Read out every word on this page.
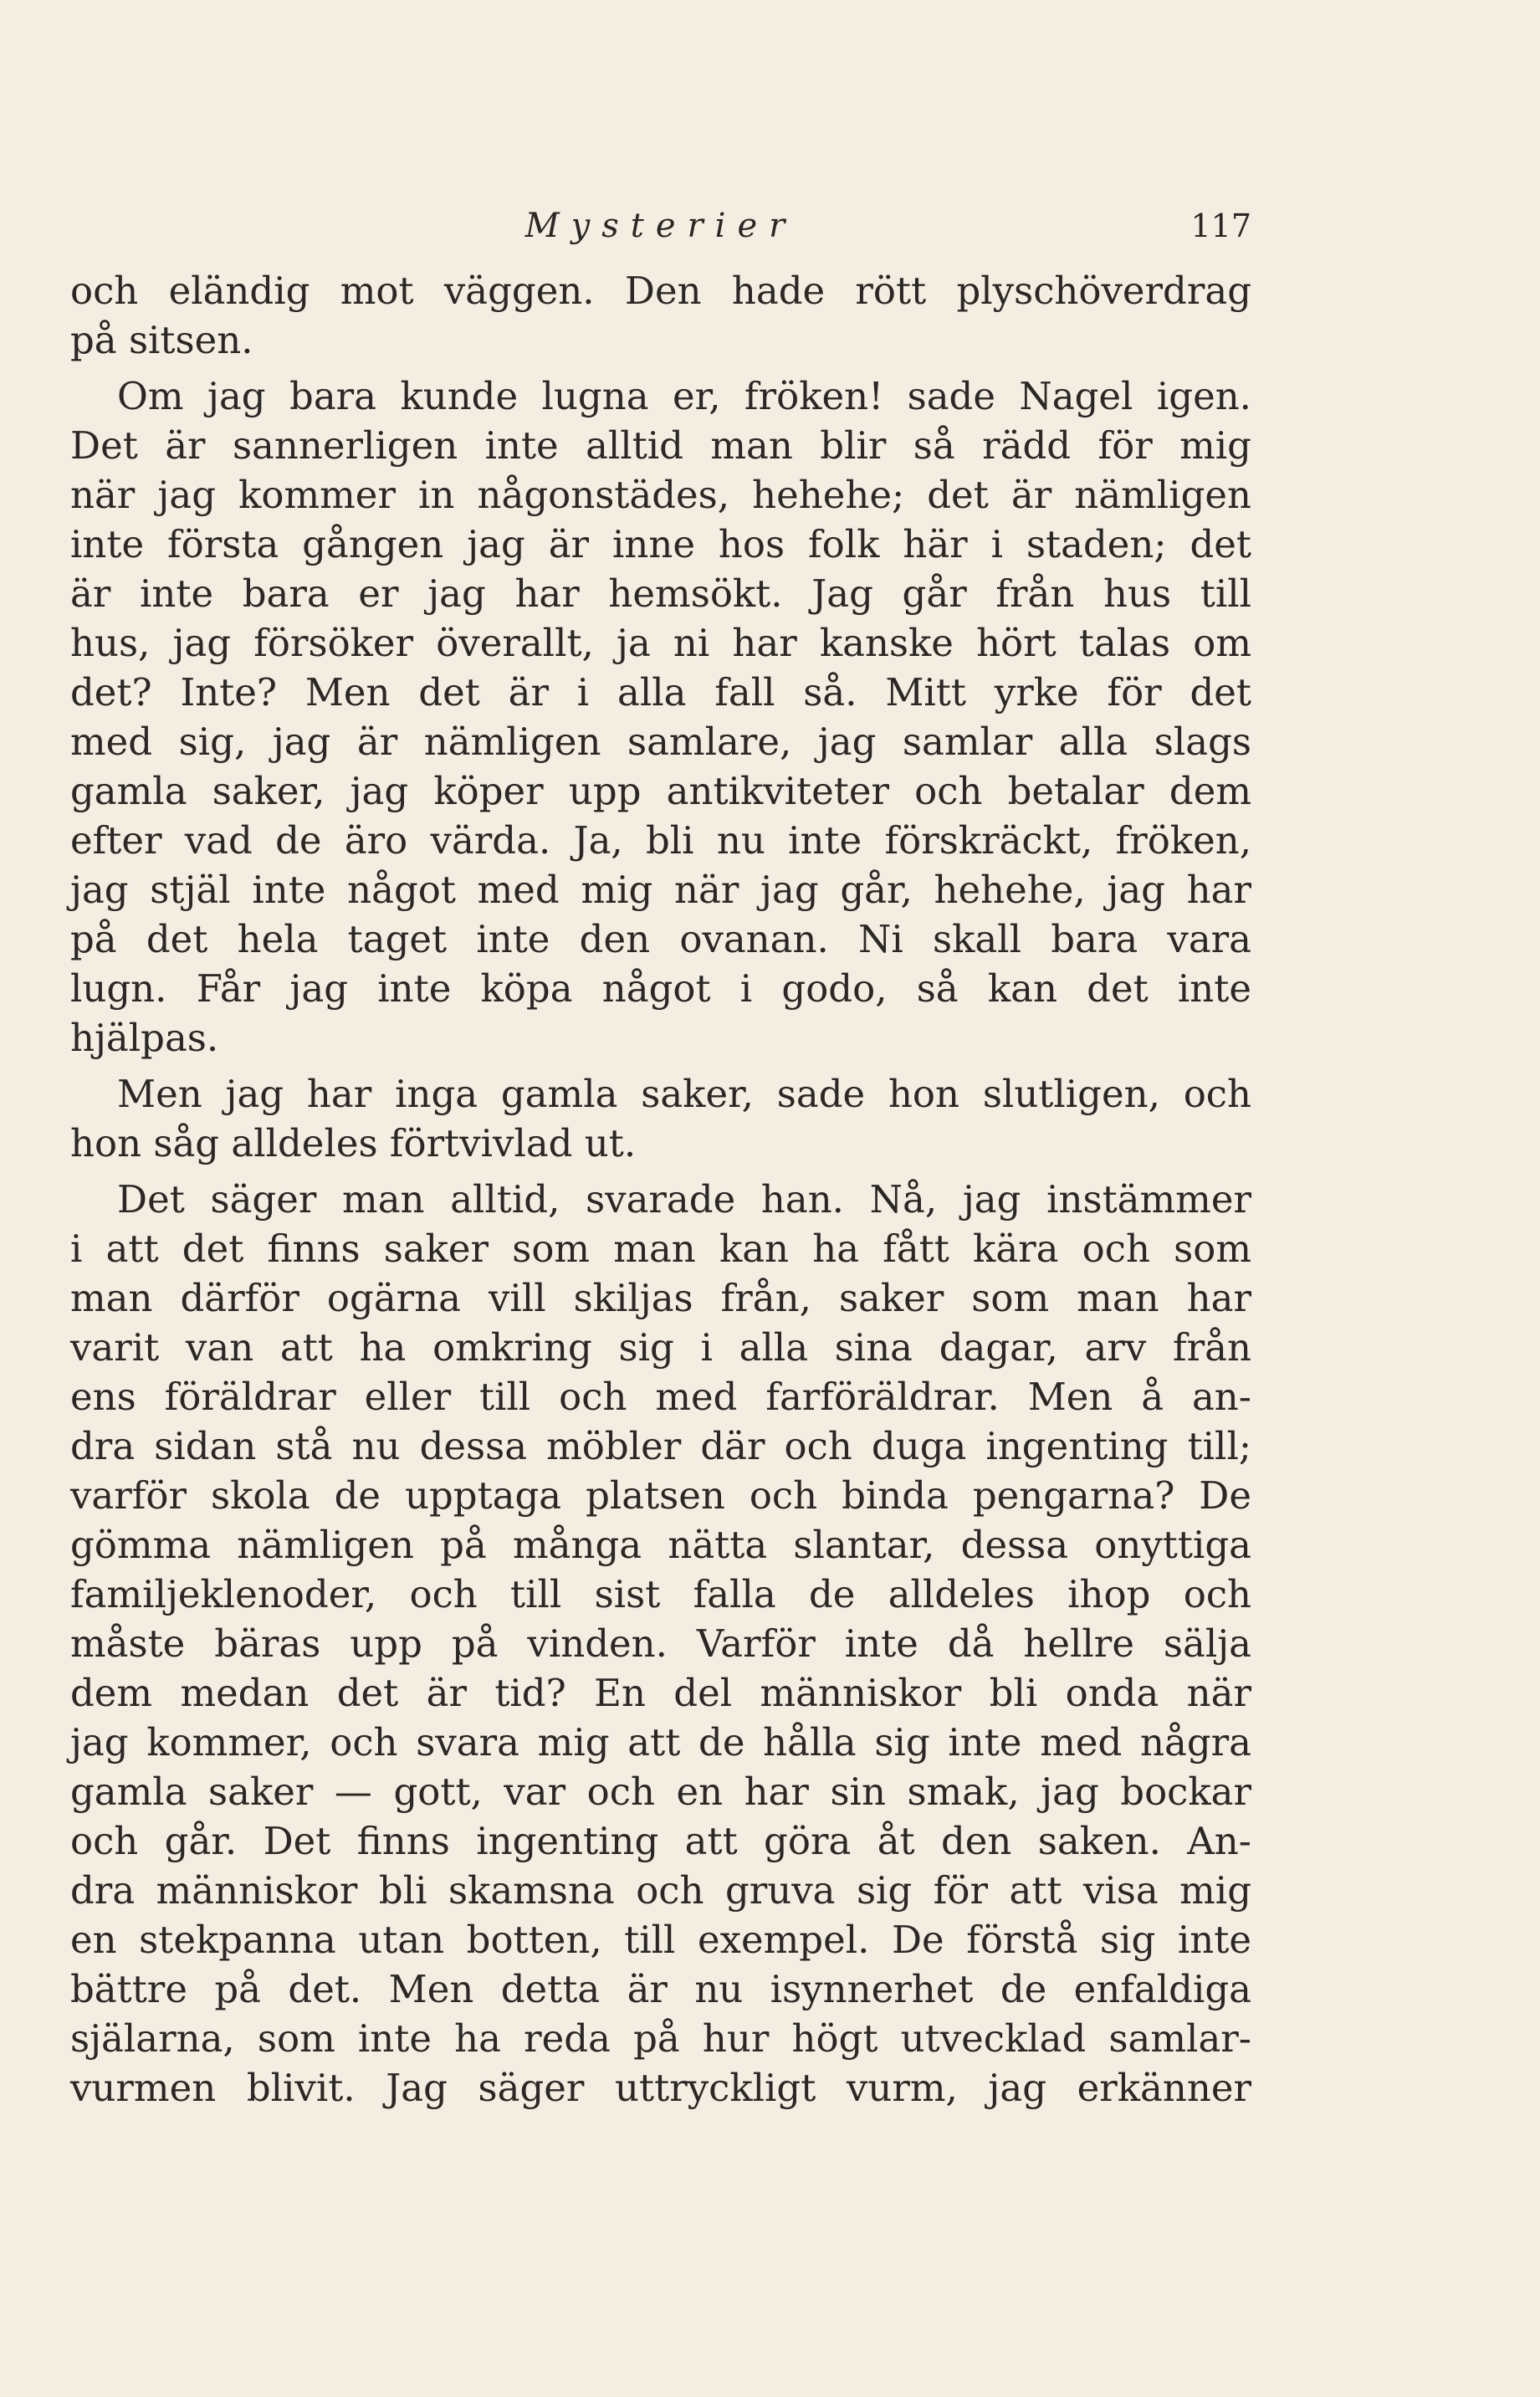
Mysterier	117
och eländig mot väggen. Den hade rött plyschöverdrag
på sitsen.
Om jag bara kunde lugna er, fröken! sade Nagel igen.
Det är sannerligen inte alltid man blir så rädd för mig
när jag kommer in någonstädes, hehehe; det är nämligen
inte första gången jag är inne hos folk här i staden; det
är inte bara er jag har hemsökt. Jag går från hus till
hus, jag försöker överallt, ja ni har kanske hört talas om
det? Inte? Men det är i alla fall så. Mitt yrke för det
med sig, jag är nämligen samlare, jag samlar alla slags
gamla saker, jag köper upp antikviteter och betalar dem
efter vad de äro värda. Ja, bli nu inte förskräckt, fröken,
jag stjäl inte något med mig när jag går, hehehe, jag har
på det hela taget inte den ovanan. Ni skall bara vara
lugn. Får jag inte köpa något i godo, så kan det inte
hjälpas.
Men jag har inga gamla saker, sade hon slutligen, och
hon såg alldeles förtvivlad ut.
Det säger man alltid, svarade han. Nå, jag instämmer
i att det finns saker som man kan ha fått kära och som
man därför ogärna vill skiljas från, saker som man har
varit van att ha omkring sig i alla sina dagar, arv från
ens föräldrar eller till och med farföräldrar. Men å an-
dra sidan stå nu dessa möbler där och duga ingenting till;
varför skola de upptaga platsen och binda pengarna? De
gömma nämligen på många nätta slantar, dessa onyttiga
familjeklenoder, och till sist falla de alldeles ihop och
måste bäras upp på vinden. Varför inte då hellre sälja
dem medan det är tid? En del människor bli onda när
jag kommer, och svara mig att de hålla sig inte med några
gamla saker — gott, var och en har sin smak, jag bockar
och går. Det finns ingenting att göra åt den saken. An-
dra människor bli skamsna och gruva sig för att visa mig
en stekpanna utan botten, till exempel. De förstå sig inte
bättre på det. Men detta är nu isynnerhet de enfaldiga
själarna, som inte ha reda på hur högt utvecklad samlar-
vurmen blivit. Jag säger uttryckligt vurm, jag erkänner
